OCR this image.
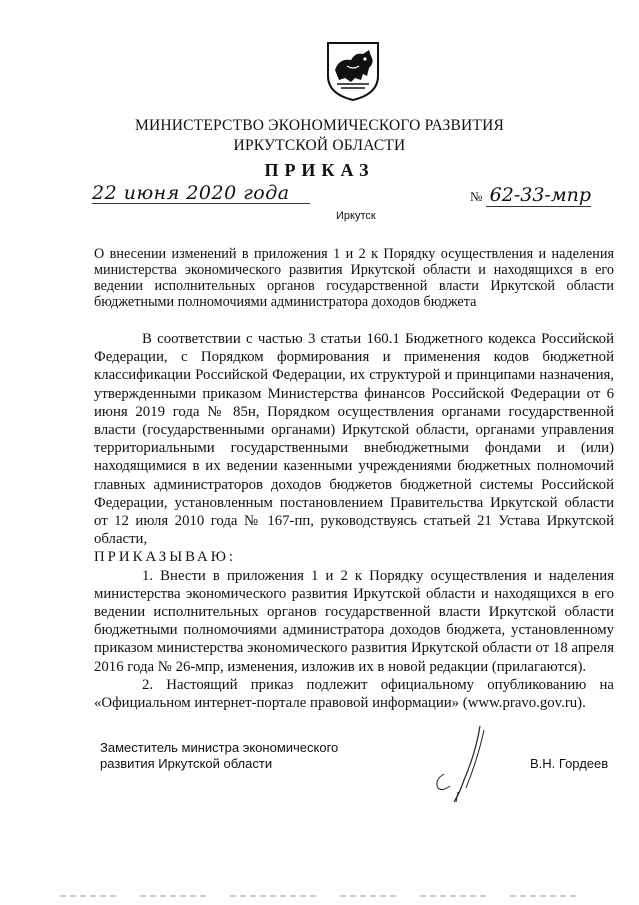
МИНИСТЕРСТВО ЭКОНОМИЧЕСКОГО РАЗВИТИЯ
ИРКУТСКОЙ ОБЛАСТИ
ПРИКАЗ
22 июня 2020 года	№ 62-33-мпр
Иркутск
О внесении изменений в приложения 1 и 2 к Порядку осуществления и наделения министерства экономического развития Иркутской области и находящихся в его ведении исполнительных органов государственной власти Иркутской области бюджетными полномочиями администратора доходов бюджета

В соответствии с частью 3 статьи 160.1 Бюджетного кодекса Российской Федерации, с Порядком формирования и применения кодов бюджетной классификации Российской Федерации, их структурой и принципами назначения, утвержденными приказом Министерства финансов Российской Федерации от 6 июня 2019 года № 85н, Порядком осуществления органами государственной власти (государственными органами) Иркутской области, органами управления территориальными государственными внебюджетными фондами и (или) находящимися в их ведении казенными учреждениями бюджетных полномочий главных администраторов доходов бюджетов бюджетной системы Российской Федерации, установленным постановлением Правительства Иркутской области от 12 июля 2010 года № 167-пп, руководствуясь статьей 21 Устава Иркутской области,

ПРИКАЗЫВАЮ:

1. Внести в приложения 1 и 2 к Порядку осуществления и наделения министерства экономического развития Иркутской области и находящихся в его ведении исполнительных органов государственной власти Иркутской области бюджетными полномочиями администратора доходов бюджета, установленному приказом министерства экономического развития Иркутской области от 18 апреля 2016 года № 26-мпр, изменения, изложив их в новой редакции (прилагаются).

2. Настоящий приказ подлежит официальному опубликованию на «Официальном интернет-портале правовой информации» (www.pravo.gov.ru).

Заместитель министра экономического
развития Иркутской области	В.Н. Гордеев
